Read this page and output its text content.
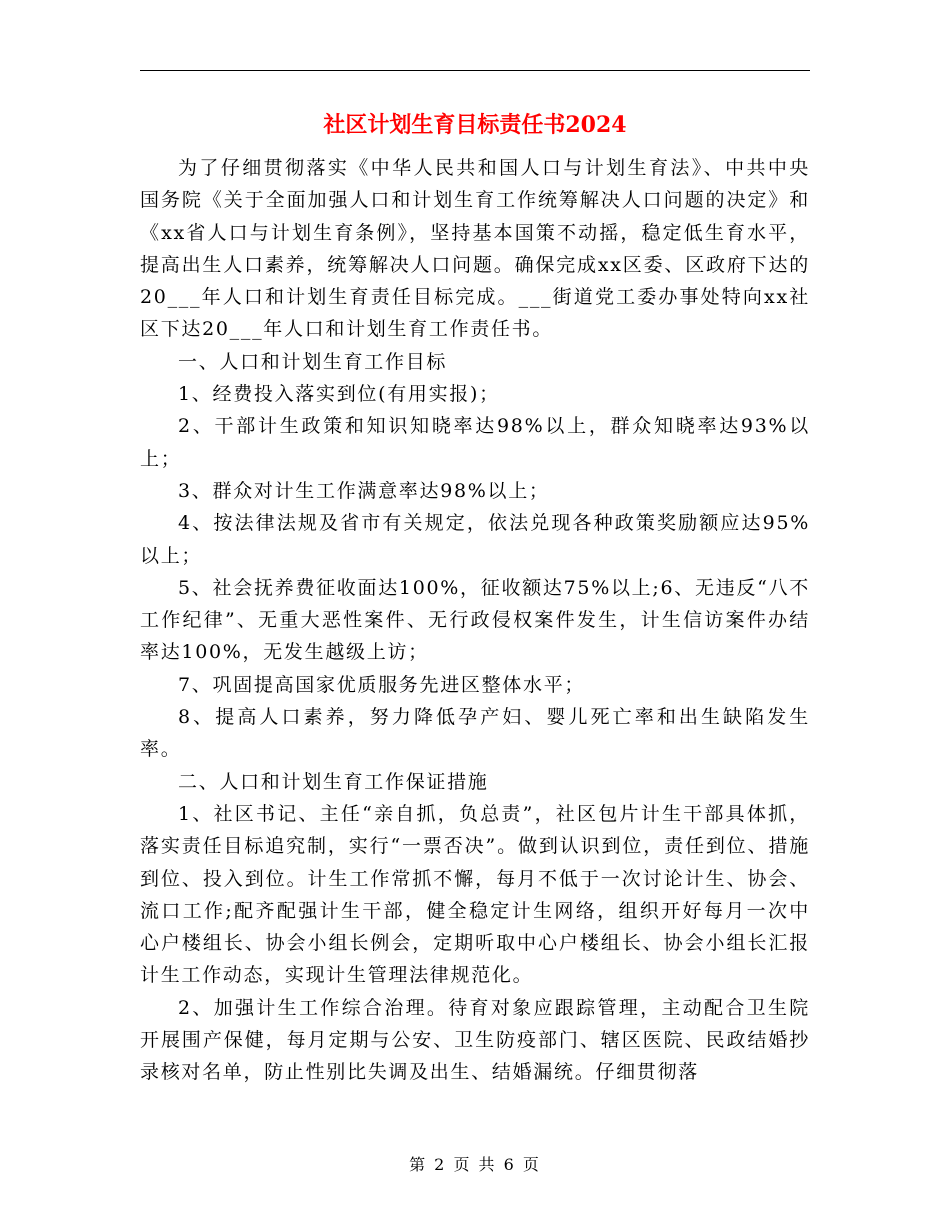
社区计划生育目标责任书2024

为了仔细贯彻落实《中华人民共和国人口与计划生育法》、中共中央国务院《关于全面加强人口和计划生育工作统筹解决人口问题的决定》和《xx省人口与计划生育条例》，坚持基本国策不动摇，稳定低生育水平，提高出生人口素养，统筹解决人口问题。确保完成xx区委、区政府下达的20___年人口和计划生育责任目标完成。___街道党工委办事处特向xx社区下达20___年人口和计划生育工作责任书。

一、人口和计划生育工作目标

1、经费投入落实到位(有用实报)；

2、干部计生政策和知识知晓率达98%以上，群众知晓率达93%以上；

3、群众对计生工作满意率达98%以上；

4、按法律法规及省市有关规定，依法兑现各种政策奖励额应达95%以上；

5、社会抚养费征收面达100%，征收额达75%以上;6、无违反“八不工作纪律”、无重大恶性案件、无行政侵权案件发生，计生信访案件办结率达100%，无发生越级上访；

7、巩固提高国家优质服务先进区整体水平；

8、提高人口素养，努力降低孕产妇、婴儿死亡率和出生缺陷发生率。

二、人口和计划生育工作保证措施

1、社区书记、主任“亲自抓，负总责”，社区包片计生干部具体抓，落实责任目标追究制，实行“一票否决”。做到认识到位，责任到位、措施到位、投入到位。计生工作常抓不懈，每月不低于一次讨论计生、协会、流口工作;配齐配强计生干部，健全稳定计生网络，组织开好每月一次中心户楼组长、协会小组长例会，定期听取中心户楼组长、协会小组长汇报计生工作动态，实现计生管理法律规范化。

2、加强计生工作综合治理。待育对象应跟踪管理，主动配合卫生院开展围产保健，每月定期与公安、卫生防疫部门、辖区医院、民政结婚抄录核对名单，防止性别比失调及出生、结婚漏统。仔细贯彻落

第 2 页 共 6 页
